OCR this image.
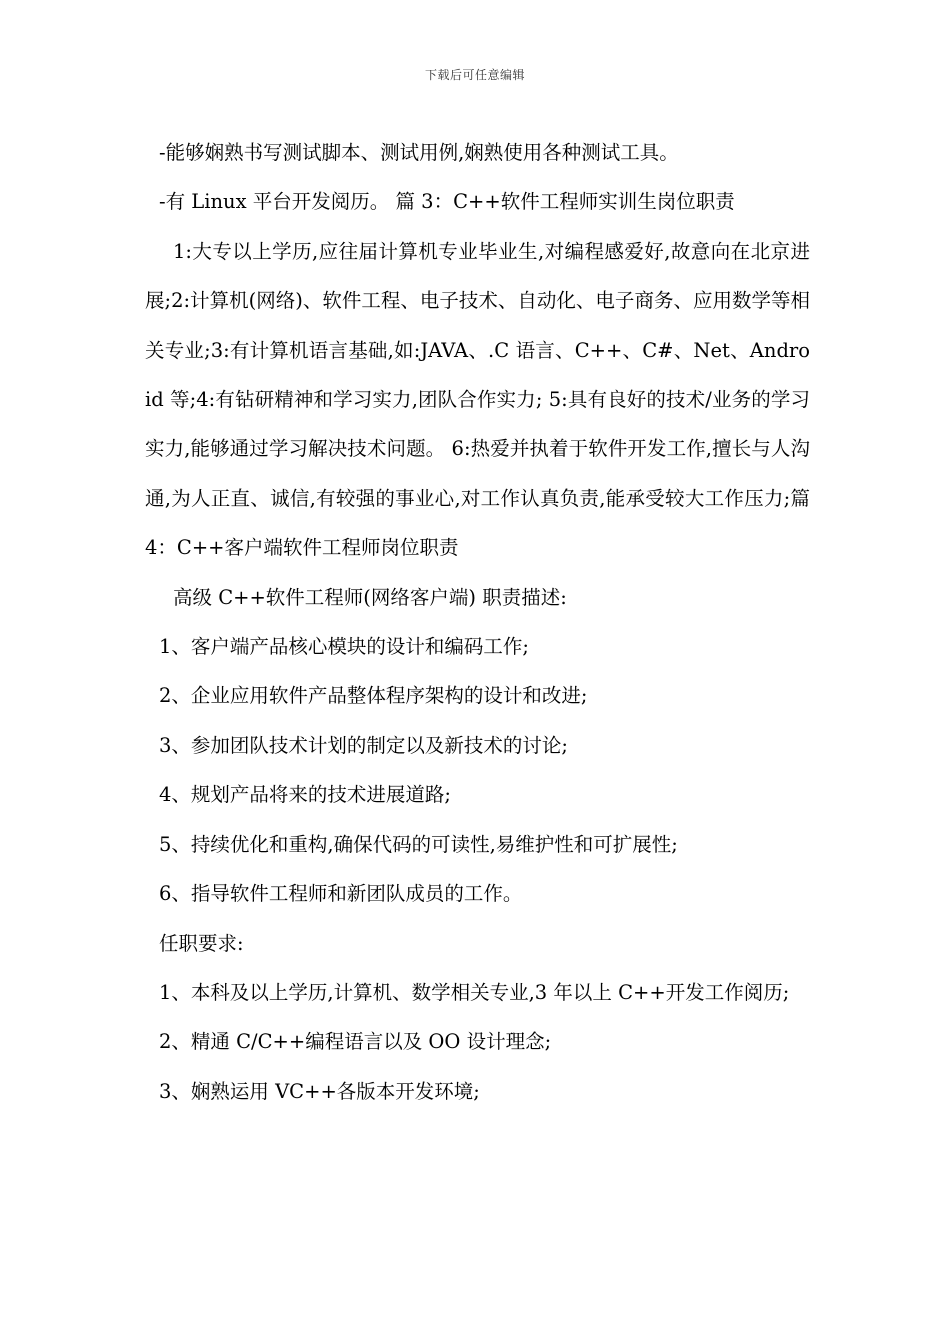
下载后可任意编辑

-能够娴熟书写测试脚本、测试用例,娴熟使用各种测试工具。

-有 Linux 平台开发阅历。 篇 3：C++软件工程师实训生岗位职责

1:大专以上学历,应往届计算机专业毕业生,对编程感爱好,故意向在北京进展;2:计算机(网络)、软件工程、电子技术、自动化、电子商务、应用数学等相关专业;3:有计算机语言基础,如:JAVA、.C 语言、C++、C#、Net、Android 等;4:有钻研精神和学习实力,团队合作实力; 5:具有良好的技术/业务的学习实力,能够通过学习解决技术问题。 6:热爱并执着于软件开发工作,擅长与人沟通,为人正直、诚信,有较强的事业心,对工作认真负责,能承受较大工作压力;篇 4：C++客户端软件工程师岗位职责

高级 C++软件工程师(网络客户端) 职责描述:

1、客户端产品核心模块的设计和编码工作;

2、企业应用软件产品整体程序架构的设计和改进;

3、参加团队技术计划的制定以及新技术的讨论;

4、规划产品将来的技术进展道路;

5、持续优化和重构,确保代码的可读性,易维护性和可扩展性;

6、指导软件工程师和新团队成员的工作。

任职要求:

1、本科及以上学历,计算机、数学相关专业,3 年以上 C++开发工作阅历;

2、精通 C/C++编程语言以及 OO 设计理念;

3、娴熟运用 VC++各版本开发环境;
